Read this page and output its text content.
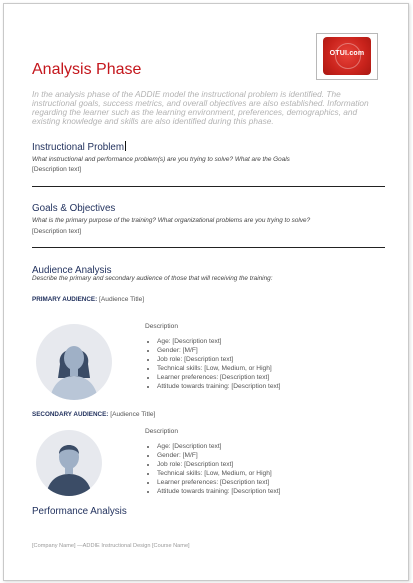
OTUI.com
Analysis Phase
In the analysis phase of the ADDIE model the instructional problem is identified. The instructional goals, success metrics, and overall objectives are also established. Information regarding the learner such as the learning environment, preferences, demographics, and existing knowledge and skills are also identified during this phase.
Instructional Problem
What instructional and performance problem(s) are you trying to solve? What are the Goals
[Description text]
Goals & Objectives
What is the primary purpose of the training? What organizational problems are you trying to solve?
[Description text]
Audience Analysis
Describe the primary and secondary audience of those that will receiving the training:
PRIMARY AUDIENCE: [Audience Title]
Description
• Age: [Description text]
• Gender: [M/F]
• Job role: [Description text]
• Technical skills: [Low, Medium, or High]
• Learner preferences: [Description text]
• Attitude towards training: [Description text]
SECONDARY AUDIENCE: [Audience Title]
Description
• Age: [Description text]
• Gender: [M/F]
• Job role: [Description text]
• Technical skills: [Low, Medium, or High]
• Learner preferences: [Description text]
• Attitude towards training: [Description text]
Performance Analysis
[Company Name] —ADDIE Instructional Design [Course Name]
